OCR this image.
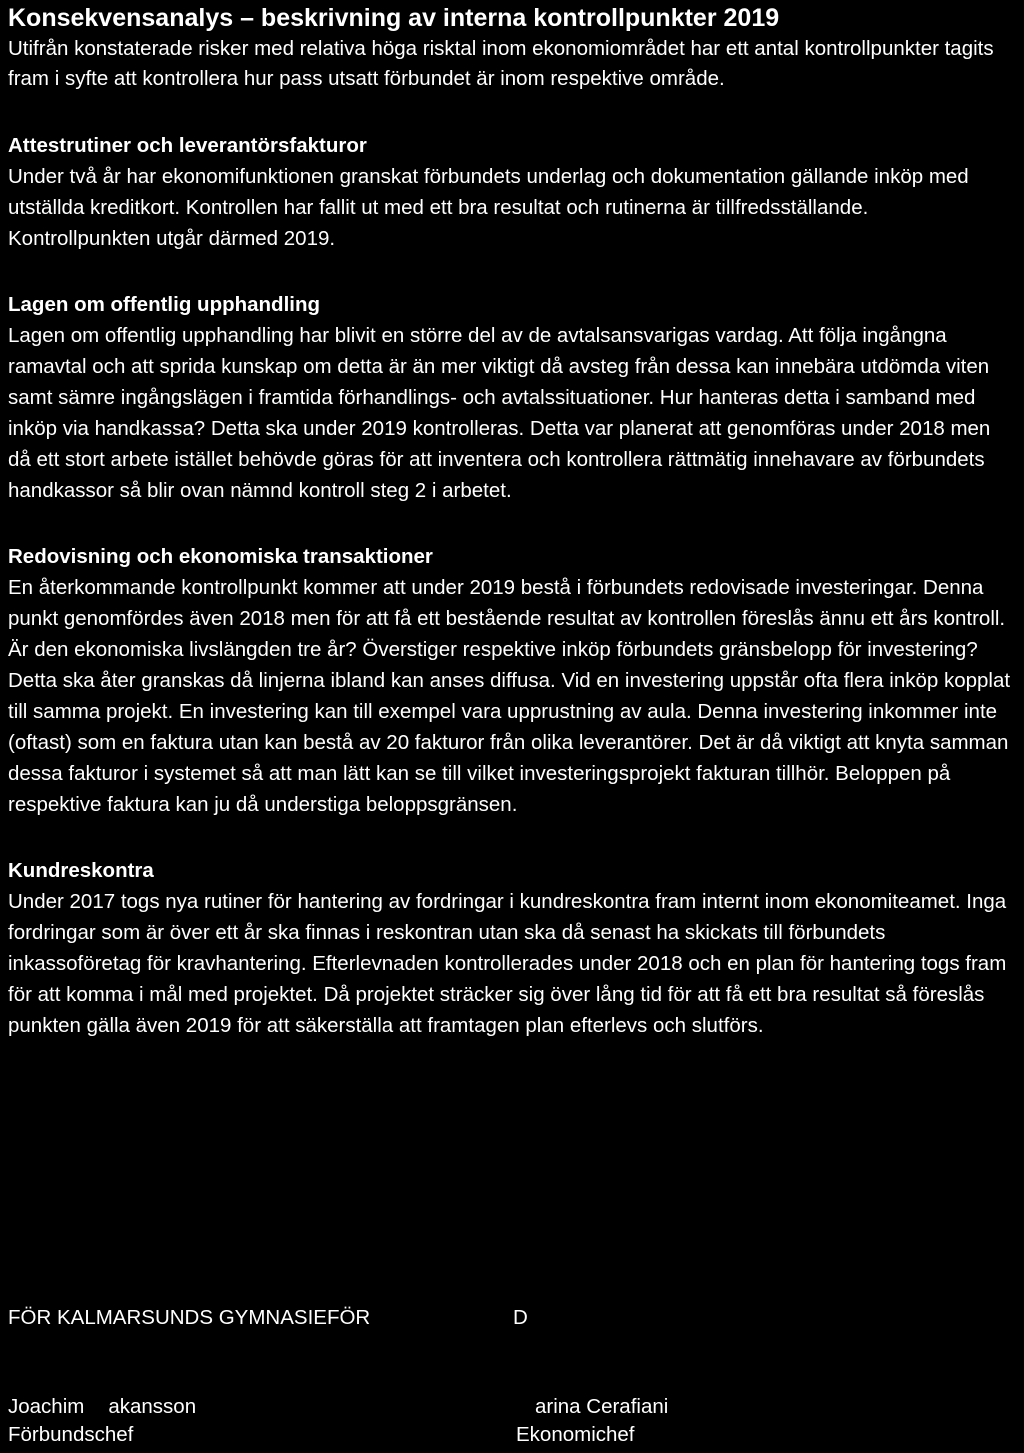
Konsekvensanalys – beskrivning av interna kontrollpunkter 2019

Utifrån konstaterade risker med relativa höga risktal inom ekonomiområdet har ett antal kontrollpunkter tagits fram i syfte att kontrollera hur pass utsatt förbundet är inom respektive område.

Attestrutiner och leverantörsfakturor

Under två år har ekonomifunktionen granskat förbundets underlag och dokumentation gällande inköp med utställda kreditkort. Kontrollen har fallit ut med ett bra resultat och rutinerna är tillfredsställande. Kontrollpunkten utgår därmed 2019.

Lagen om offentlig upphandling

Lagen om offentlig upphandling har blivit en större del av de avtalsansvarigas vardag. Att följa ingångna ramavtal och att sprida kunskap om detta är än mer viktigt då avsteg från dessa kan innebära utdömda viten samt sämre ingångslägen i framtida förhandlings- och avtalssituationer. Hur hanteras detta i samband med inköp via handkassa? Detta ska under 2019 kontrolleras. Detta var planerat att genomföras under 2018 men då ett stort arbete istället behövde göras för att inventera och kontrollera rättmätig innehavare av förbundets handkassor så blir ovan nämnd kontroll steg 2 i arbetet.

Redovisning och ekonomiska transaktioner

En återkommande kontrollpunkt kommer att under 2019 bestå i förbundets redovisade investeringar. Denna punkt genomfördes även 2018 men för att få ett bestående resultat av kontrollen föreslås ännu ett års kontroll. Är den ekonomiska livslängden tre år? Överstiger respektive inköp förbundets gränsbelopp för investering? Detta ska åter granskas då linjerna ibland kan anses diffusa. Vid en investering uppstår ofta flera inköp kopplat till samma projekt. En investering kan till exempel vara upprustning av aula. Denna investering inkommer inte (oftast) som en faktura utan kan bestå av 20 fakturor från olika leverantörer. Det är då viktigt att knyta samman dessa fakturor i systemet så att man lätt kan se till vilket investeringsprojekt fakturan tillhör. Beloppen på respektive faktura kan ju då understiga beloppsgränsen.

Kundreskontra

Under 2017 togs nya rutiner för hantering av fordringar i kundreskontra fram internt inom ekonomiteamet. Inga fordringar som är över ett år ska finnas i reskontran utan ska då senast ha skickats till förbundets inkassoföretag för kravhantering. Efterlevnaden kontrollerades under 2018 och en plan för hantering togs fram för att komma i mål med projektet. Då projektet sträcker sig över lång tid för att få ett bra resultat så föreslås punkten gälla även 2019 för att säkerställa att framtagen plan efterlevs och slutförs.

FÖR KALMARSUNDS GYMNASIEFÖR	D
Joachim akansson
Förbundschef
arina Cerafiani
Ekonomichef
